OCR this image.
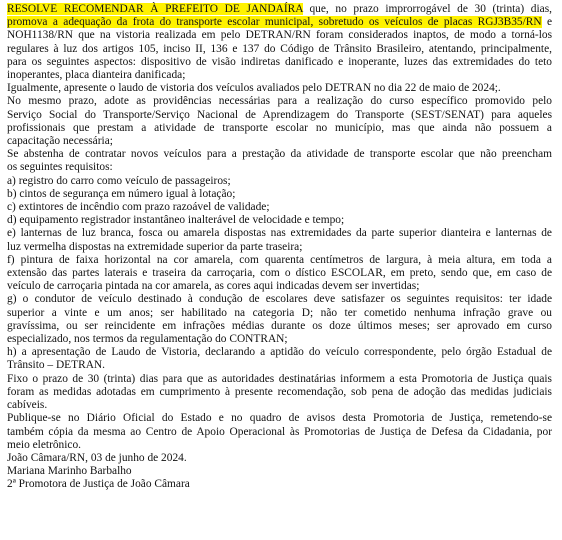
RESOLVE RECOMENDAR À PREFEITO DE JANDAÍRA que, no prazo improrrogável de 30 (trinta) dias,
promova a adequação da frota do transporte escolar municipal, sobretudo os veículos de placas RGJ3B35/RN e
NOH1138/RN que na vistoria realizada em pelo DETRAN/RN foram considerados inaptos, de modo a torná-los
regulares à luz dos artigos 105, inciso II, 136 e 137 do Código de Trânsito Brasileiro, atentando, principalmente,
para os seguintes aspectos: dispositivo de visão indiretas danificado e inoperante, luzes das extremidades do teto
inoperantes, placa dianteira danificada;
Igualmente, apresente o laudo de vistoria dos veículos avaliados pelo DETRAN no dia 22 de maio de 2024;.
No mesmo prazo, adote as providências necessárias para a realização do curso específico promovido pelo
Serviço Social do Transporte/Serviço Nacional de Aprendizagem do Transporte (SEST/SENAT) para aqueles
profissionais que prestam a atividade de transporte escolar no município, mas que ainda não possuem a
capacitação necessária;
Se abstenha de contratar novos veículos para a prestação da atividade de transporte escolar que não preencham
os seguintes requisitos:
a) registro do carro como veículo de passageiros;
b) cintos de segurança em número igual à lotação;
c) extintores de incêndio com prazo razoável de validade;
d) equipamento registrador instantâneo inalterável de velocidade e tempo;
e) lanternas de luz branca, fosca ou amarela dispostas nas extremidades da parte superior dianteira e lanternas de
luz vermelha dispostas na extremidade superior da parte traseira;
f) pintura de faixa horizontal na cor amarela, com quarenta centímetros de largura, à meia altura, em toda a
extensão das partes laterais e traseira da carroçaria, com o dístico ESCOLAR, em preto, sendo que, em caso de
veículo de carroçaria pintada na cor amarela, as cores aqui indicadas devem ser invertidas;
g) o condutor de veículo destinado à condução de escolares deve satisfazer os seguintes requisitos: ter idade
superior a vinte e um anos; ser habilitado na categoria D; não ter cometido nenhuma infração grave ou
gravíssima, ou ser reincidente em infrações médias durante os doze últimos meses; ser aprovado em curso
especializado, nos termos da regulamentação do CONTRAN;
h) a apresentação de Laudo de Vistoria, declarando a aptidão do veículo correspondente, pelo órgão Estadual de
Trânsito – DETRAN.
Fixo o prazo de 30 (trinta) dias para que as autoridades destinatárias informem a esta Promotoria de Justiça quais
foram as medidas adotadas em cumprimento à presente recomendação, sob pena de adoção das medidas judiciais
cabíveis.
Publique-se no Diário Oficial do Estado e no quadro de avisos desta Promotoria de Justiça, remetendo-se
também cópia da mesma ao Centro de Apoio Operacional às Promotorias de Justiça de Defesa da Cidadania, por
meio eletrônico.
João Câmara/RN, 03 de junho de 2024.
Mariana Marinho Barbalho
2ª Promotora de Justiça de João Câmara
